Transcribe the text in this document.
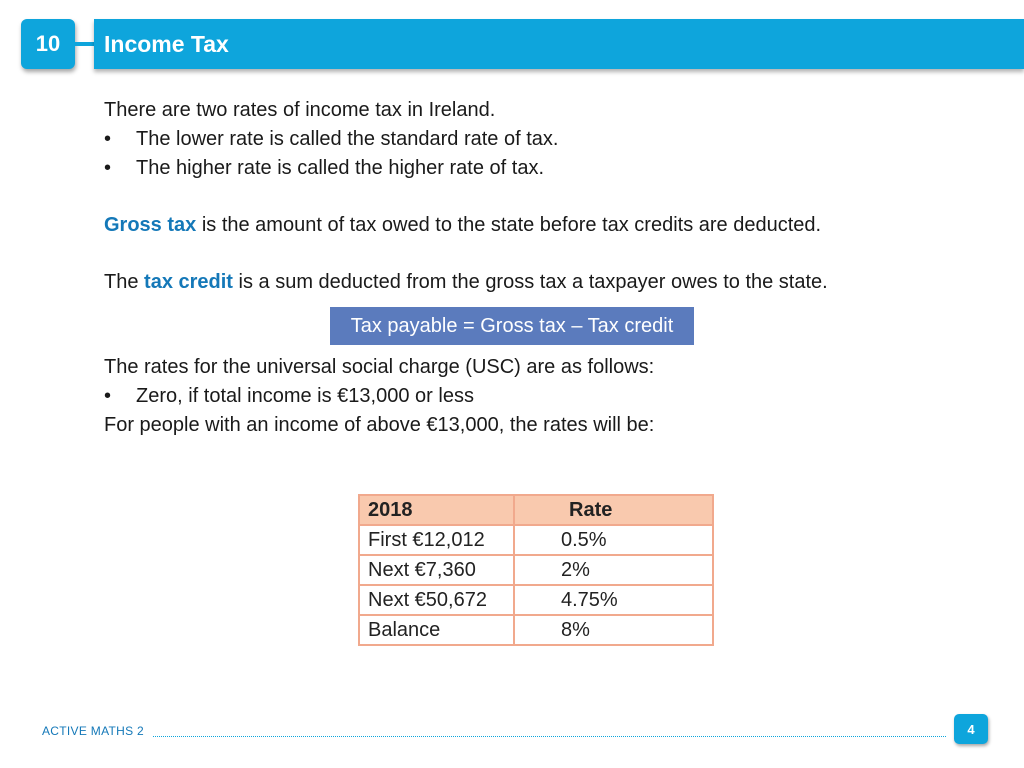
10 Income Tax

There are two rates of income tax in Ireland.

• The lower rate is called the standard rate of tax.

• The higher rate is called the higher rate of tax.

Gross tax is the amount of tax owed to the state before tax credits are deducted.

The tax credit is a sum deducted from the gross tax a taxpayer owes to the state.

Tax payable = Gross tax – Tax credit

The rates for the universal social charge (USC) are as follows:

• Zero, if total income is €13,000 or less

For people with an income of above €13,000, the rates will be:

2018	Rate
First €12,012	0.5%
Next €7,360	2%
Next €50,672	4.75%
Balance	8%
ACTIVE MATHS 2	4
